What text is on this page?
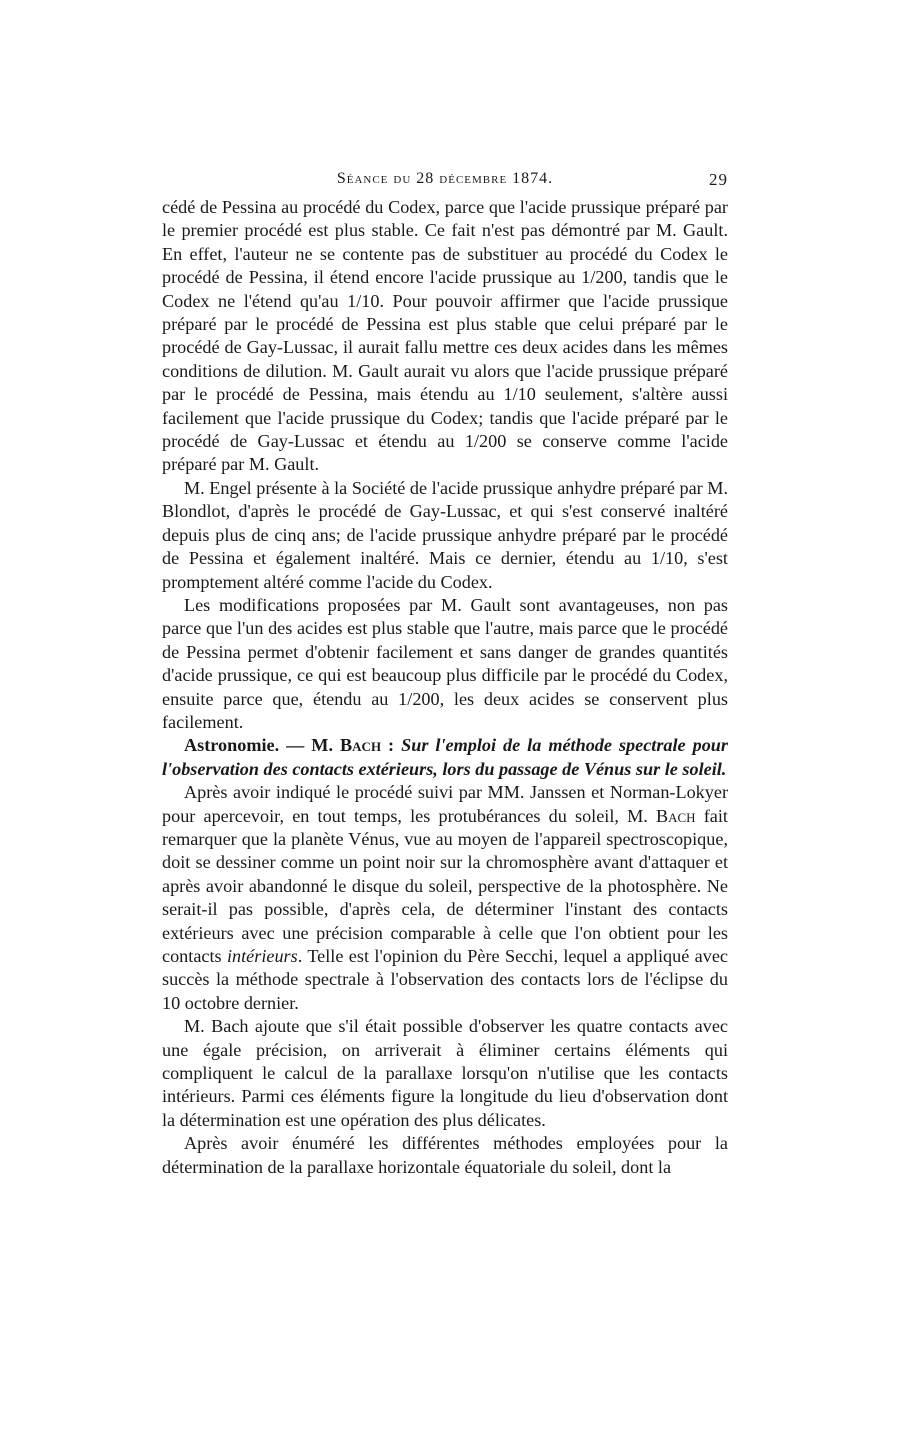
Séance du 28 décembre 1874.	29

cédé de Pessina au procédé du Codex, parce que l'acide prussique préparé par le premier procédé est plus stable. Ce fait n'est pas démontré par M. Gault. En effet, l'auteur ne se contente pas de substituer au procédé du Codex le procédé de Pessina, il étend encore l'acide prussique au 1/200, tandis que le Codex ne l'étend qu'au 1/10. Pour pouvoir affirmer que l'acide prussique préparé par le procédé de Pessina est plus stable que celui préparé par le procédé de Gay-Lussac, il aurait fallu mettre ces deux acides dans les mêmes conditions de dilution. M. Gault aurait vu alors que l'acide prussique préparé par le procédé de Pessina, mais étendu au 1/10 seulement, s'altère aussi facilement que l'acide prussique du Codex; tandis que l'acide préparé par le procédé de Gay-Lussac et étendu au 1/200 se conserve comme l'acide préparé par M. Gault.

M. Engel présente à la Société de l'acide prussique anhydre préparé par M. Blondlot, d'après le procédé de Gay-Lussac, et qui s'est conservé inaltéré depuis plus de cinq ans; de l'acide prussique anhydre préparé par le procédé de Pessina et également inaltéré. Mais ce dernier, étendu au 1/10, s'est promptement altéré comme l'acide du Codex.

Les modifications proposées par M. Gault sont avantageuses, non pas parce que l'un des acides est plus stable que l'autre, mais parce que le procédé de Pessina permet d'obtenir facilement et sans danger de grandes quantités d'acide prussique, ce qui est beaucoup plus difficile par le procédé du Codex, ensuite parce que, étendu au 1/200, les deux acides se conservent plus facilement.

Astronomie. — M. Bach : Sur l'emploi de la méthode spectrale pour l'observation des contacts extérieurs, lors du passage de Vénus sur le soleil.

Après avoir indiqué le procédé suivi par MM. Janssen et Norman-Lokyer pour apercevoir, en tout temps, les protubérances du soleil, M. Bach fait remarquer que la planète Vénus, vue au moyen de l'appareil spectroscopique, doit se dessiner comme un point noir sur la chromosphère avant d'attaquer et après avoir abandonné le disque du soleil, perspective de la photosphère. Ne serait-il pas possible, d'après cela, de déterminer l'instant des contacts extérieurs avec une précision comparable à celle que l'on obtient pour les contacts intérieurs. Telle est l'opinion du Père Secchi, lequel a appliqué avec succès la méthode spectrale à l'observation des contacts lors de l'éclipse du 10 octobre dernier.

M. Bach ajoute que s'il était possible d'observer les quatre contacts avec une égale précision, on arriverait à éliminer certains éléments qui compliquent le calcul de la parallaxe lorsqu'on n'utilise que les contacts intérieurs. Parmi ces éléments figure la longitude du lieu d'observation dont la détermination est une opération des plus délicates.

Après avoir énuméré les différentes méthodes employées pour la détermination de la parallaxe horizontale équatoriale du soleil, dont la
